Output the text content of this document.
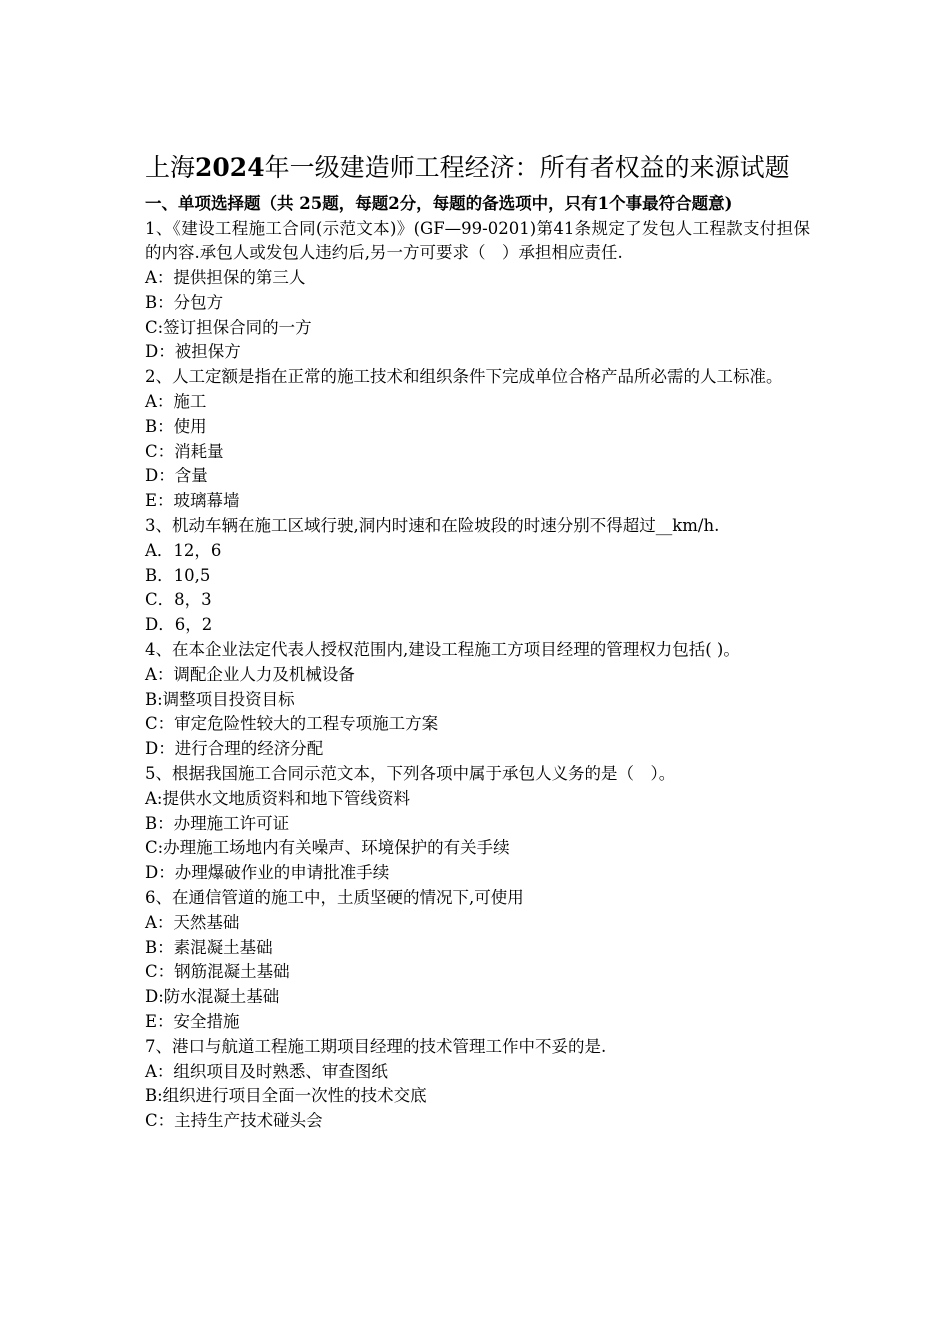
上海2024年一级建造师工程经济：所有者权益的来源试题

一、单项选择题（共 25题，每题2分，每题的备选项中，只有1个事最符合题意)

1、《建设工程施工合同(示范文本)》(GF—99-0201)第41条规定了发包人工程款支付担保的内容.承包人或发包人违约后,另一方可要求（　）承担相应责任.

A：提供担保的第三人

B：分包方

C:签订担保合同的一方

D：被担保方

2、人工定额是指在正常的施工技术和组织条件下完成单位合格产品所必需的人工标准。

A：施工

B：使用

C：消耗量

D：含量

E：玻璃幕墙

3、机动车辆在施工区域行驶,洞内时速和在险坡段的时速分别不得超过__km/h.

A．12，6

B．10,5

C．8，3

D．6，2

4、在本企业法定代表人授权范围内,建设工程施工方项目经理的管理权力包括( )。

A：调配企业人力及机械设备

B:调整项目投资目标

C：审定危险性较大的工程专项施工方案

D：进行合理的经济分配

5、根据我国施工合同示范文本，下列各项中属于承包人义务的是（　）。

A:提供水文地质资料和地下管线资料

B：办理施工许可证

C:办理施工场地内有关噪声、环境保护的有关手续

D：办理爆破作业的申请批准手续

6、在通信管道的施工中，土质坚硬的情况下,可使用

A：天然基础

B：素混凝土基础

C：钢筋混凝土基础

D:防水混凝土基础

E：安全措施

7、港口与航道工程施工期项目经理的技术管理工作中不妥的是.

A：组织项目及时熟悉、审查图纸

B:组织进行项目全面一次性的技术交底

C：主持生产技术碰头会
